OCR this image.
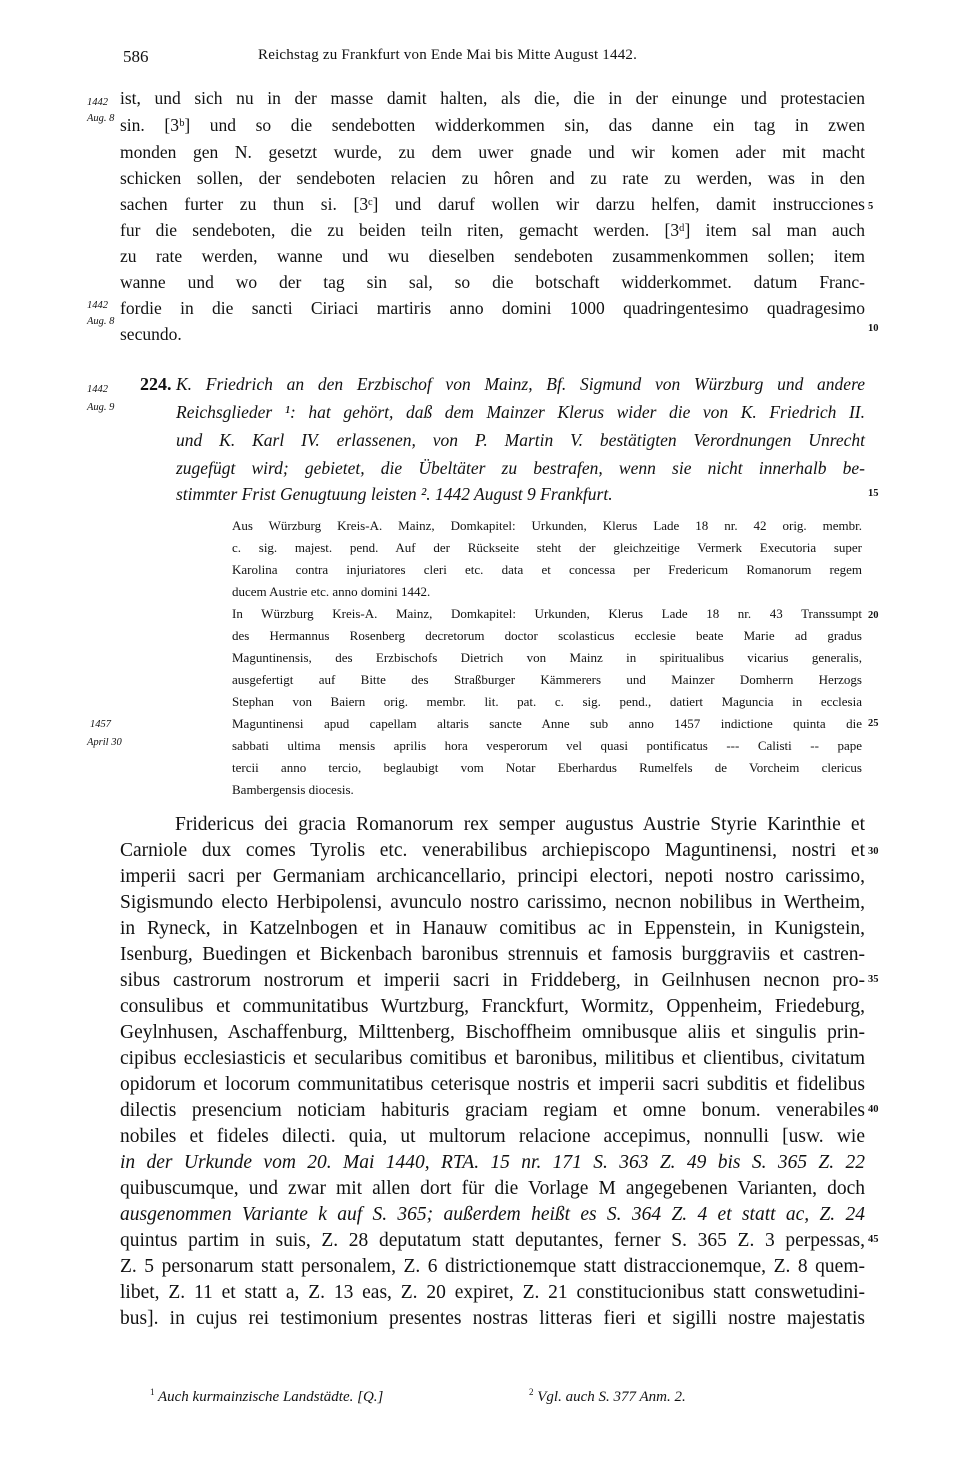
586	Reichstag zu Frankfurt von Ende Mai bis Mitte August 1442.
1442
Aug. 8
1442
Aug. 8
ist, und sich nu in der masse damit halten, als die, die in der einunge und protestacien
sin. [3ᵇ] und so die sendebotten widderkommen sin, das danne ein tag in zwen
monden gen N. gesetzt wurde, zu dem uwer gnade und wir komen ader mit macht
schicken sollen, der sendeboten relacien zu hôren and zu rate zu werden, was in den
sachen furter zu thun si. [3ᶜ] und daruf wollen wir darzu helfen, damit instrucciones
fur die sendeboten, die zu beiden teiln riten, gemacht werden. [3ᵈ] item sal man auch
zu rate werden, wanne und wu dieselben sendeboten zusammenkommen sollen; item
wanne und wo der tag sin sal, so die botschaft widderkommet. datum Franc-
fordie in die sancti Ciriaci martiris anno domini 1000 quadringentesimo quadragesimo
secundo.
1442
Aug. 9
224. K. Friedrich an den Erzbischof von Mainz, Bf. Sigmund von Würzburg und andere
Reichsglieder ¹: hat gehört, daß dem Mainzer Klerus wider die von K. Friedrich II.
und K. Karl IV. erlassenen, von P. Martin V. bestätigten Verordnungen Unrecht
zugefügt wird; gebietet, die Übeltäter zu bestrafen, wenn sie nicht innerhalb be-
stimmter Frist Genugtuung leisten ². 1442 August 9 Frankfurt.
Aus Würzburg Kreis-A. Mainz, Domkapitel: Urkunden, Klerus Lade 18 nr. 42 orig. membr.
c. sig. majest. pend. Auf der Rückseite steht der gleichzeitige Vermerk Executoria super
Karolina contra injuriatores cleri etc. data et concessa per Fredericum Romanorum regem
ducem Austrie etc. anno domini 1442.
In Würzburg Kreis-A. Mainz, Domkapitel: Urkunden, Klerus Lade 18 nr. 43 Transsumpt
des Hermannus Rosenberg decretorum doctor scolasticus ecclesie beate Marie ad gradus
Maguntinensis, des Erzbischofs Dietrich von Mainz in spiritualibus vicarius generalis,
ausgefertigt auf Bitte des Straßburger Kämmerers und Mainzer Domherrn Herzogs
Stephan von Baiern orig. membr. lit. pat. c. sig. pend., datiert Maguncia in ecclesia
Maguntinensi apud capellam altaris sancte Anne sub anno 1457 indictione quinta die
sabbati ultima mensis aprilis hora vesperorum vel quasi pontificatus --- Calisti -- pape
tercii anno tercio, beglaubigt vom Notar Eberhardus Rumelfels de Vorcheim clericus
Bambergensis diocesis.
1457
April 30
Fridericus dei gracia Romanorum rex semper augustus Austrie Styrie Karinthie et
Carniole dux comes Tyrolis etc. venerabilibus archiepiscopo Maguntinensi, nostri et
imperii sacri per Germaniam archicancellario, principi electori, nepoti nostro carissimo,
Sigismundo electo Herbipolensi, avunculo nostro carissimo, necnon nobilibus in Wertheim,
in Ryneck, in Katzelnbogen et in Hanauw comitibus ac in Eppenstein, in Kunigstein,
Isenburg, Buedingen et Bickenbach baronibus strennuis et famosis burggraviis et castren-
sibus castrorum nostrorum et imperii sacri in Friddeberg, in Geilnhusen necnon pro-
consulibus et communitatibus Wurtzburg, Franckfurt, Wormitz, Oppenheim, Friedeburg,
Geylnhusen, Aschaffenburg, Milttenberg, Bischoffheim omnibusque aliis et singulis prin-
cipibus ecclesiasticis et secularibus comitibus et baronibus, militibus et clientibus, civitatum
opidorum et locorum communitatibus ceterisque nostris et imperii sacri subditis et fidelibus
dilectis presencium noticiam habituris graciam regiam et omne bonum. venerabiles
nobiles et fideles dilecti. quia, ut multorum relacione accepimus, nonnulli [usw. wie
in der Urkunde vom 20. Mai 1440, RTA. 15 nr. 171 S. 363 Z. 49 bis S. 365 Z. 22
quibuscumque, und zwar mit allen dort für die Vorlage M angegebenen Varianten, doch
ausgenommen Variante k auf S. 365; außerdem heißt es S. 364 Z. 4 et statt ac, Z. 24
quintus partim in suis, Z. 28 deputatum statt deputantes, ferner S. 365 Z. 3 perpessas,
Z. 5 personarum statt personalem, Z. 6 districtionemque statt distraccionemque, Z. 8 quem-
libet, Z. 11 et statt a, Z. 13 eas, Z. 20 expiret, Z. 21 constitucionibus statt conswetudini-
bus]. in cujus rei testimonium presentes nostras litteras fieri et sigilli nostre majestatis
5
10
15
20
25
30
35
40
45
$^1$ Auch kurmainzische Landstädte. [Q.]	$^2$ Vgl. auch S. 377 Anm. 2.
